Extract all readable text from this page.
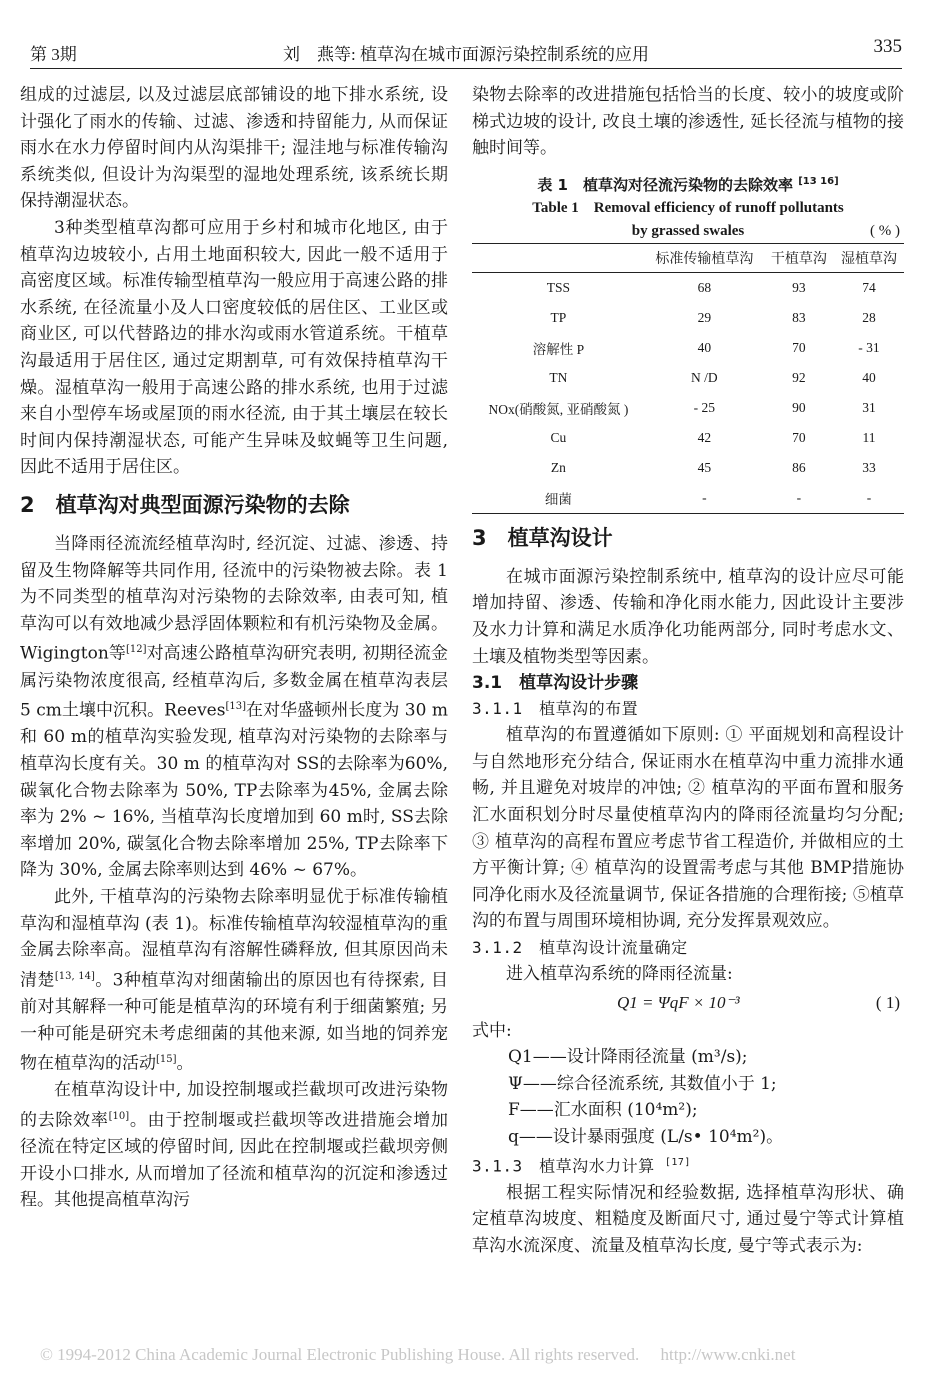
第 3期	刘　燕等: 植草沟在城市面源污染控制系统的应用	335

组成的过滤层, 以及过滤层底部铺设的地下排水系统, 设计强化了雨水的传输、过滤、渗透和持留能力, 从而保证雨水在水力停留时间内从沟渠排干; 湿洼地与标准传输沟系统类似, 但设计为沟渠型的湿地处理系统, 该系统长期保持潮湿状态。

3种类型植草沟都可应用于乡村和城市化地区, 由于植草沟边坡较小, 占用土地面积较大, 因此一般不适用于高密度区域。标准传输型植草沟一般应用于高速公路的排水系统, 在径流量小及人口密度较低的居住区、工业区或商业区, 可以代替路边的排水沟或雨水管道系统。干植草沟最适用于居住区, 通过定期割草, 可有效保持植草沟干燥。湿植草沟一般用于高速公路的排水系统, 也用于过滤来自小型停车场或屋顶的雨水径流, 由于其土壤层在较长时间内保持潮湿状态, 可能产生异味及蚊蝇等卫生问题, 因此不适用于居住区。

2　植草沟对典型面源污染物的去除

当降雨径流流经植草沟时, 经沉淀、过滤、渗透、持留及生物降解等共同作用, 径流中的污染物被去除。表 1为不同类型的植草沟对污染物的去除效率, 由表可知, 植草沟可以有效地减少悬浮固体颗粒和有机污染物及金属。Wigington等[12]对高速公路植草沟研究表明, 初期径流金属污染物浓度很高, 经植草沟后, 多数金属在植草沟表层 5 cm土壤中沉积。Reeves[13]在对华盛顿州长度为 30 m和 60 m的植草沟实验发现, 植草沟对污染物的去除率与植草沟长度有关。30 m 的植草沟对 SS的去除率为60%, 碳氧化合物去除率为 50%, TP去除率为45%, 金属去除率为 2% ~ 16%, 当植草沟长度增加到 60 m时, SS去除率增加 20%, 碳氢化合物去除率增加 25%, TP去除率下降为 30%, 金属去除率则达到 46% ~ 67%。

此外, 干植草沟的污染物去除率明显优于标准传输植草沟和湿植草沟 (表 1)。标准传输植草沟较湿植草沟的重金属去除率高。湿植草沟有溶解性磷释放, 但其原因尚未清楚[13, 14]。3种植草沟对细菌输出的原因也有待探索, 目前对其解释一种可能是植草沟的环境有利于细菌繁殖; 另一种可能是研究未考虑细菌的其他来源, 如当地的饲养宠物在植草沟的活动[15]。

在植草沟设计中, 加设控制堰或拦截坝可改进污染物的去除效率[10]。由于控制堰或拦截坝等改进措施会增加径流在特定区域的停留时间, 因此在控制堰或拦截坝旁侧开设小口排水, 从而增加了径流和植草沟的沉淀和渗透过程。其他提高植草沟污

染物去除率的改进措施包括恰当的长度、较小的坡度或阶梯式边坡的设计, 改良土壤的渗透性, 延长径流与植物的接触时间等。

表 1　植草沟对径流污染物的去除效率 [13 16]
Table 1　Removal efficiency of runoff pollutants
by grassed swales	( % )
	标准传输植草沟	干植草沟	湿植草沟
TSS	68	93	74
TP	29	83	28
溶解性 P	40	70	- 31
TN	N /D	92	40
NOx(硝酸氮, 亚硝酸氮 )	- 25	90	31
Cu	42	70	11
Zn	45	86	33
细菌	-	-	-
3　植草沟设计

在城市面源污染控制系统中, 植草沟的设计应尽可能增加持留、渗透、传输和净化雨水能力, 因此设计主要涉及水力计算和满足水质净化功能两部分, 同时考虑水文、土壤及植物类型等因素。

3.1　植草沟设计步骤
3.1.1　植草沟的布置

植草沟的布置遵循如下原则: ① 平面规划和高程设计与自然地形充分结合, 保证雨水在植草沟中重力流排水通畅, 并且避免对坡岸的冲蚀; ② 植草沟的平面布置和服务汇水面积划分时尽量使植草沟内的降雨径流量均匀分配; ③ 植草沟的高程布置应考虑节省工程造价, 并做相应的土方平衡计算; ④ 植草沟的设置需考虑与其他 BMP措施协同净化雨水及径流量调节, 保证各措施的合理衔接; ⑤植草沟的布置与周围环境相协调, 充分发挥景观效应。

3.1.2　植草沟设计流量确定

进入植草沟系统的降雨径流量:

Q1 = ΨqF × 10⁻³	( 1)
式中:
Q1——设计降雨径流量 (m³/s);
Ψ——综合径流系统, 其数值小于 1;
F——汇水面积 (10⁴m²);
q——设计暴雨强度 (L/s• 10⁴m²)。
3.1.3　植草沟水力计算 [17]

根据工程实际情况和经验数据, 选择植草沟形状、确定植草沟坡度、粗糙度及断面尺寸, 通过曼宁等式计算植草沟水流深度、流量及植草沟长度, 曼宁等式表示为:

© 1994-2012 China Academic Journal Electronic Publishing House. All rights reserved.　 http://www.cnki.net
